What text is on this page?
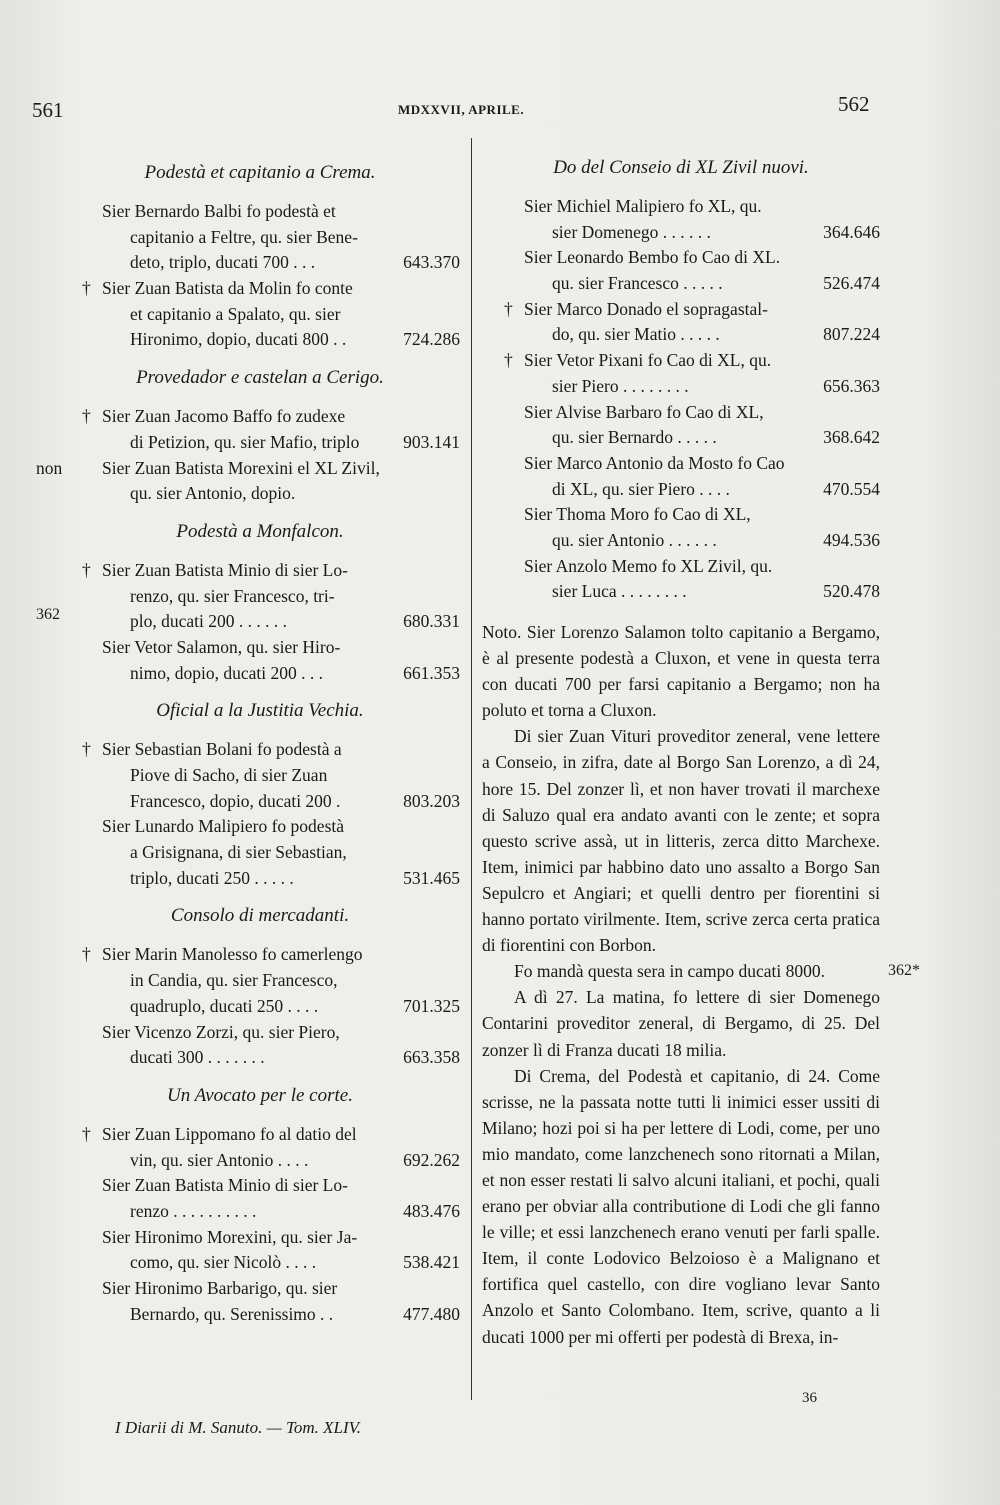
561	MDXXVII, APRILE.	562
Podestà et capitanio a Crema.
Sier Bernardo Balbi fo podestà et
capitanio a Feltre, qu. sier Bene-
deto, triplo, ducati 700 . . .	643.370
† Sier Zuan Batista da Molin fo conte
et capitanio a Spalato, qu. sier
Hironimo, dopio, ducati 800 . .	724.286
Provedador e castelan a Cerigo.
† Sier Zuan Jacomo Baffo fo zudexe
di Petizion, qu. sier Mafio, triplo 903.141
non Sier Zuan Batista Morexini el XL Zivil,
qu. sier Antonio, dopio.
Podestà a Monfalcon.
† Sier Zuan Batista Minio di sier Lo-
renzo, qu. sier Francesco, tri-
plo, ducati 200 . . . . . .	680.331
Sier Vetor Salamon, qu. sier Hiro-
nimo, dopio, ducati 200 . . .	661.353
Oficial a la Justitia Vechia.
† Sier Sebastian Bolani fo podestà a
Piove di Sacho, di sier Zuan
Francesco, dopio, ducati 200 .	803.203
Sier Lunardo Malipiero fo podestà
a Grisignana, di sier Sebastian,
triplo, ducati 250 . . . . .	531.465
Consolo di mercadanti.
† Sier Marin Manolesso fo camerlengo
in Candia, qu. sier Francesco,
quadruplo, ducati 250 . . . .	701.325
Sier Vicenzo Zorzi, qu. sier Piero,
ducati 300 . . . . . . .	663.358
Un Avocato per le corte.
† Sier Zuan Lippomano fo al datio del
vin, qu. sier Antonio . . . .	692.262
Sier Zuan Batista Minio di sier Lo-
renzo . . . . . . . . . .	483.476
Sier Hironimo Morexini, qu. sier Ja-
como, qu. sier Nicolò . . . .	538.421
Sier Hironimo Barbarigo, qu. sier
Bernardo, qu. Serenissimo . .	477.480
362
Do del Conseio di XL Zivil nuovi.
Sier Michiel Malipiero fo XL, qu.
sier Domenego . . . . . .	364.646
Sier Leonardo Bembo fo Cao di XL.
qu. sier Francesco . . . . .	526.474
† Sier Marco Donado el sopragastal-
do, qu. sier Matio . . . . .	807.224
† Sier Vetor Pixani fo Cao di XL, qu.
sier Piero . . . . . . . .	656.363
Sier Alvise Barbaro fo Cao di XL,
qu. sier Bernardo . . . . .	368.642
Sier Marco Antonio da Mosto fo Cao
di XL, qu. sier Piero . . . .	470.554
Sier Thoma Moro fo Cao di XL,
qu. sier Antonio . . . . . .	494.536
Sier Anzolo Memo fo XL Zivil, qu.
sier Luca . . . . . . . .	520.478

Noto. Sier Lorenzo Salamon tolto capitanio a Bergamo, è al presente podestà a Cluxon, et vene in questa terra con ducati 700 per farsi capitanio a Bergamo; non ha poluto et torna a Cluxon.

Di sier Zuan Vituri proveditor zeneral, vene lettere a Conseio, in zifra, date al Borgo San Lorenzo, a dì 24, hore 15. Del zonzer lì, et non haver trovati il marchexe di Saluzo qual era andato avanti con le zente; et sopra questo scrive assà, ut in litteris, zerca ditto Marchexe. Item, inimici par habbino dato uno assalto a Borgo San Sepulcro et Angiari; et quelli dentro per fiorentini si hanno portato virilmente. Item, scrive zerca certa pratica di fiorentini con Borbon.

Fo mandà questa sera in campo ducati 8000.

A dì 27. La matina, fo lettere di sier Domenego Contarini proveditor zeneral, di Bergamo, di 25. Del zonzer lì di Franza ducati 18 milia.

Di Crema, del Podestà et capitanio, di 24. Come scrisse, ne la passata notte tutti li inimici esser ussiti di Milano; hozi poi si ha per lettere di Lodi, come, per uno mio mandato, come lanzchenech sono ritornati a Milan, et non esser restati li salvo alcuni italiani, et pochi, quali erano per obviar alla contributione di Lodi che gli fanno le ville; et essi lanzchenech erano venuti per farli spalle. Item, il conte Lodovico Belzoioso è a Malignano et fortifica quel castello, con dire vogliano levar Santo Anzolo et Santo Colombano. Item, scrive, quanto a li ducati 1000 per mi offerti per podestà di Brexa, in-

362*
I Diarii di M. Sanuto. — Tom. XLIV.
36
